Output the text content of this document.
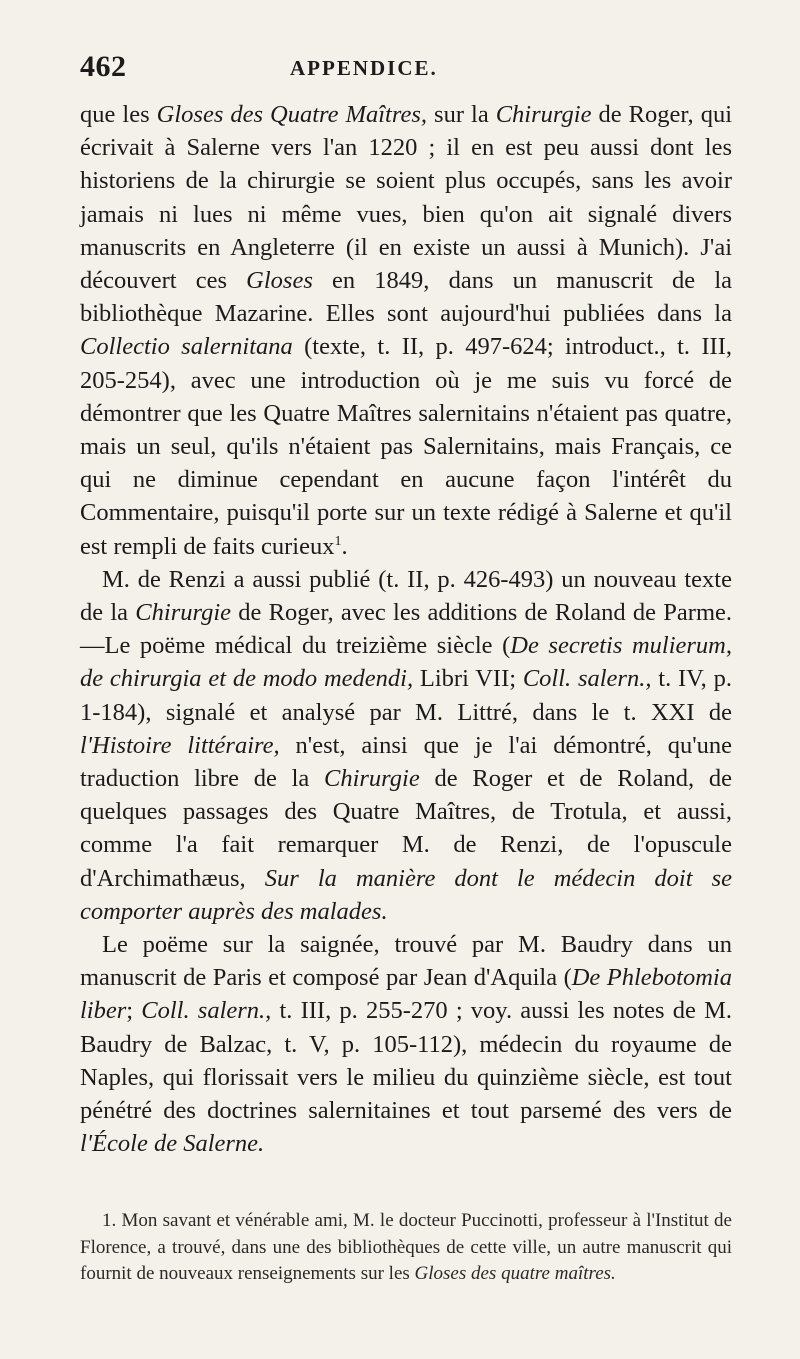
462	APPENDICE.

que les Gloses des Quatre Maîtres, sur la Chirurgie de Roger, qui écrivait à Salerne vers l'an 1220 ; il en est peu aussi dont les historiens de la chirurgie se soient plus occupés, sans les avoir jamais ni lues ni même vues, bien qu'on ait signalé divers manuscrits en Angleterre (il en existe un aussi à Munich). J'ai découvert ces Gloses en 1849, dans un manuscrit de la bibliothèque Mazarine. Elles sont aujourd'hui publiées dans la Collectio salernitana (texte, t. II, p. 497-624; introduct., t. III, 205-254), avec une introduction où je me suis vu forcé de démontrer que les Quatre Maîtres salernitains n'étaient pas quatre, mais un seul, qu'ils n'étaient pas Salernitains, mais Français, ce qui ne diminue cependant en aucune façon l'intérêt du Commentaire, puisqu'il porte sur un texte rédigé à Salerne et qu'il est rempli de faits curieux$^1$.

M. de Renzi a aussi publié (t. II, p. 426-493) un nouveau texte de la Chirurgie de Roger, avec les additions de Roland de Parme.—Le poëme médical du treizième siècle (De secretis mulierum, de chirurgia et de modo medendi, Libri VII; Coll. salern., t. IV, p. 1-184), signalé et analysé par M. Littré, dans le t. XXI de l'Histoire littéraire, n'est, ainsi que je l'ai démontré, qu'une traduction libre de la Chirurgie de Roger et de Roland, de quelques passages des Quatre Maîtres, de Trotula, et aussi, comme l'a fait remarquer M. de Renzi, de l'opuscule d'Archimathæus, Sur la manière dont le médecin doit se comporter auprès des malades.

Le poëme sur la saignée, trouvé par M. Baudry dans un manuscrit de Paris et composé par Jean d'Aquila (De Phlebotomia liber; Coll. salern., t. III, p. 255-270 ; voy. aussi les notes de M. Baudry de Balzac, t. V, p. 105-112), médecin du royaume de Naples, qui florissait vers le milieu du quinzième siècle, est tout pénétré des doctrines salernitaines et tout parsemé des vers de l'École de Salerne.

1. Mon savant et vénérable ami, M. le docteur Puccinotti, professeur à l'Institut de Florence, a trouvé, dans une des bibliothèques de cette ville, un autre manuscrit qui fournit de nouveaux renseignements sur les Gloses des quatre maîtres.
